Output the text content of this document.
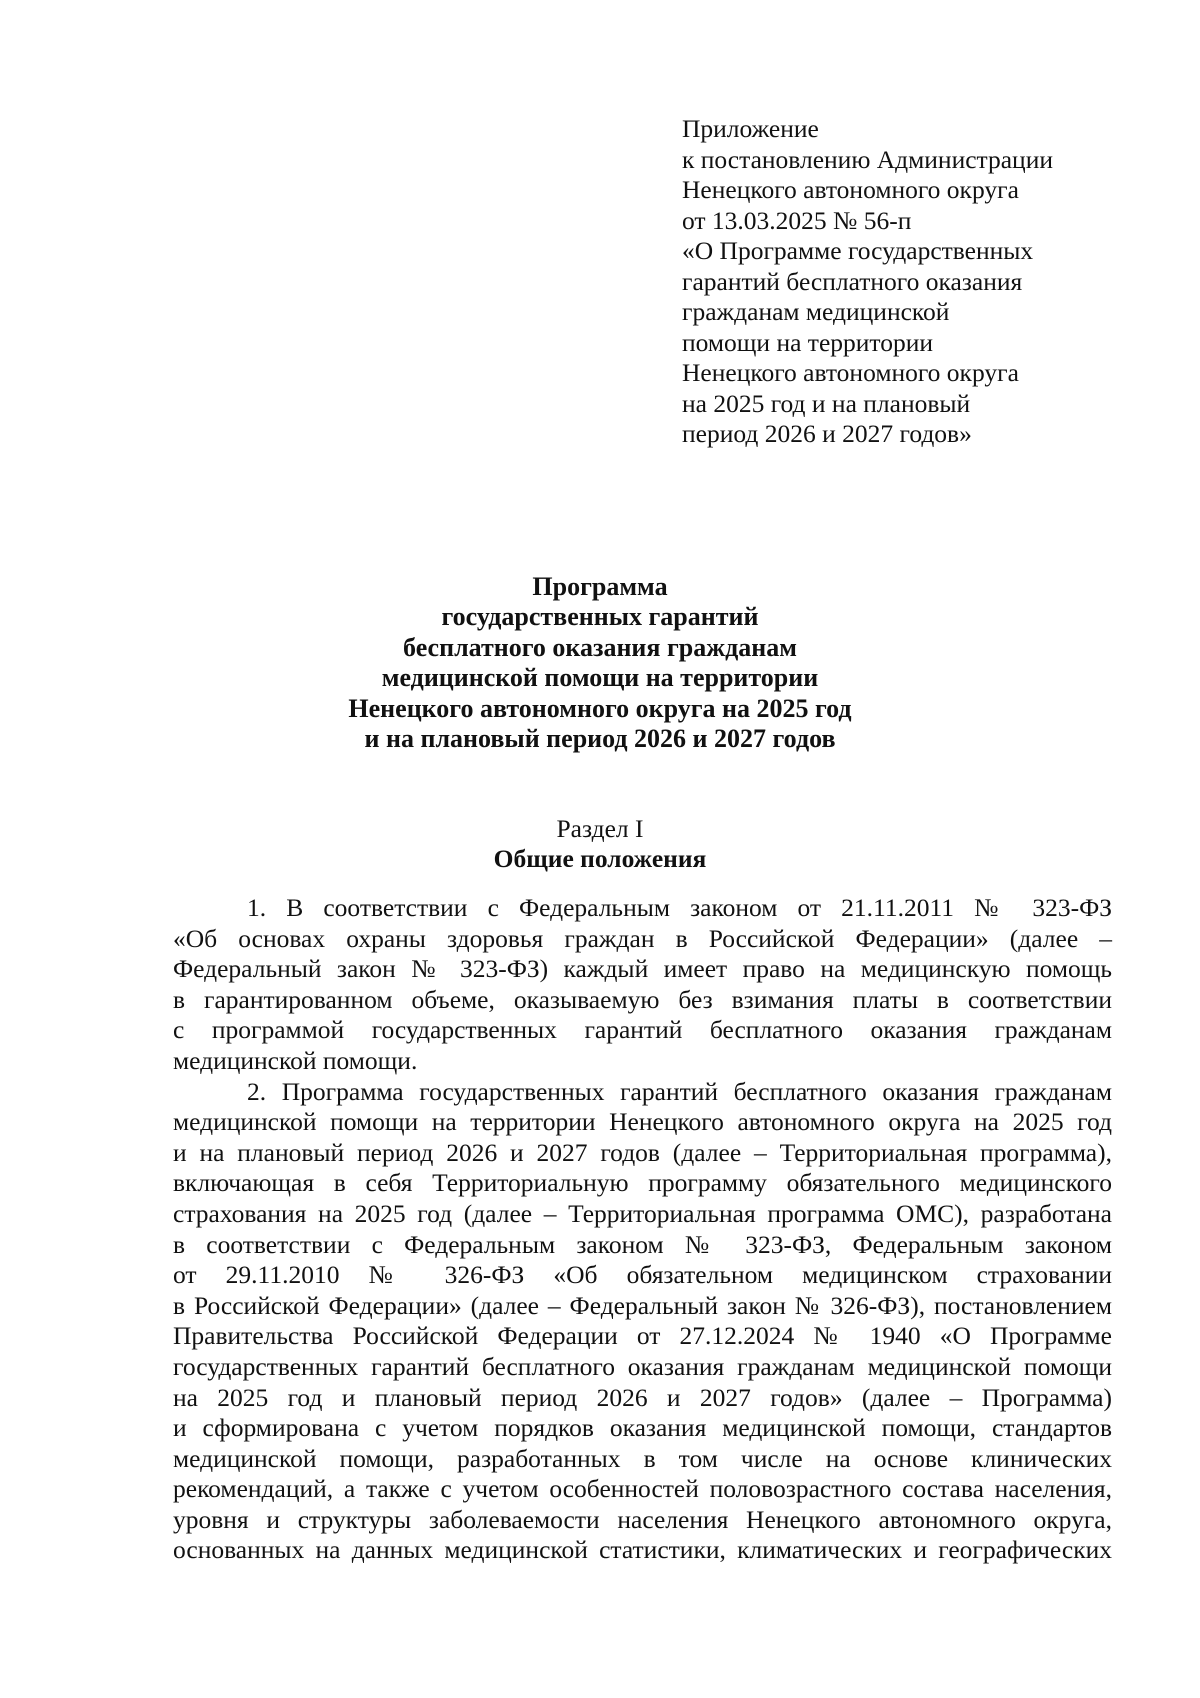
Приложение
к постановлению Администрации
Ненецкого автономного округа
от 13.03.2025 № 56-п
«О Программе государственных
гарантий бесплатного оказания
гражданам медицинской
помощи на территории
Ненецкого автономного округа
на 2025 год и на плановый
период 2026 и 2027 годов»
Программа
государственных гарантий
бесплатного оказания гражданам
медицинской помощи на территории
Ненецкого автономного округа на 2025 год
и на плановый период 2026 и 2027 годов
Раздел I
Общие положения
1. В соответствии с Федеральным законом от 21.11.2011 № 323-ФЗ
«Об основах охраны здоровья граждан в Российской Федерации» (далее –
Федеральный закон № 323-ФЗ) каждый имеет право на медицинскую помощь
в гарантированном объеме, оказываемую без взимания платы в соответствии
с программой государственных гарантий бесплатного оказания гражданам
медицинской помощи.
2. Программа государственных гарантий бесплатного оказания гражданам
медицинской помощи на территории Ненецкого автономного округа на 2025 год
и на плановый период 2026 и 2027 годов (далее – Территориальная программа),
включающая в себя Территориальную программу обязательного медицинского
страхования на 2025 год (далее – Территориальная программа ОМС), разработана
в соответствии с Федеральным законом № 323-ФЗ, Федеральным законом
от 29.11.2010 № 326-ФЗ «Об обязательном медицинском страховании
в Российской Федерации» (далее – Федеральный закон № 326-ФЗ), постановлением
Правительства Российской Федерации от 27.12.2024 № 1940 «О Программе
государственных гарантий бесплатного оказания гражданам медицинской помощи
на 2025 год и плановый период 2026 и 2027 годов» (далее – Программа)
и сформирована с учетом порядков оказания медицинской помощи, стандартов
медицинской помощи, разработанных в том числе на основе клинических
рекомендаций, а также с учетом особенностей половозрастного состава населения,
уровня и структуры заболеваемости населения Ненецкого автономного округа,
основанных на данных медицинской статистики, климатических и географических
